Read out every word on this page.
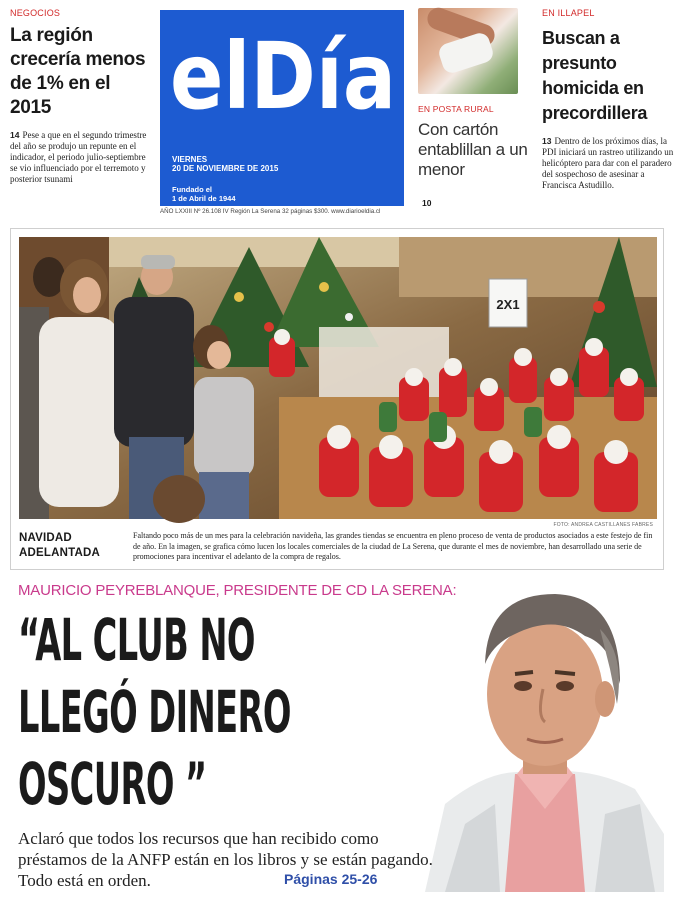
NEGOCIOS
La región crecería menos de 1% en el 2015
14 Pese a que en el segundo trimestre del año se produjo un repunte en el indicador, el periodo julio-septiembre se vio influenciado por el terremoto y posterior tsunami
elDía
VIERNES
20 DE NOVIEMBRE DE 2015
Fundado el
1 de Abril de 1944
AÑO LXXIII Nº 26.108 IV Región La Serena 32 páginas $300. www.diarioeldia.cl
EN POSTA RURAL
Con cartón entablillan a un menor
10
EN ILLAPEL
Buscan a presunto homicida en precordillera
13 Dentro de los próximos días, la PDI iniciará un rastreo utilizando un helicóptero para dar con el paradero del sospechoso de asesinar a Francisca Astudillo.
2X1
FOTO: ANDREA CASTILLANES FABRES
NAVIDAD
ADELANTADA
Faltando poco más de un mes para la celebración navideña, las grandes tiendas se encuentra en pleno proceso de venta de productos asociados a este festejo de fin de año. En la imagen, se grafica cómo lucen los locales comerciales de la ciudad de La Serena, que durante el mes de noviembre, han desarrollado una serie de promociones para incentivar el adelanto de la compra de regalos.
MAURICIO PEYREBLANQUE, PRESIDENTE DE CD LA SERENA:
“AL CLUB NO
LLEGÓ DINERO
OSCURO ”
Aclaró que todos los recursos que han recibido como préstamos de la ANFP están en los libros y se están pagando. Todo está en orden.	Páginas 25-26
